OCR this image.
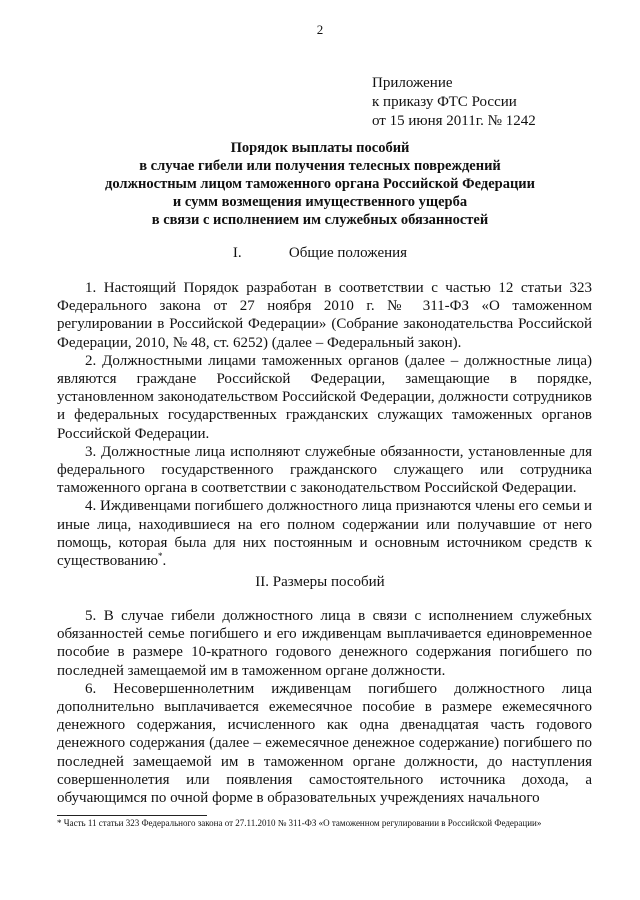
2
Приложение
к приказу ФТС России
от 15 июня 2011г. № 1242
Порядок выплаты пособий
в случае гибели или получения телесных повреждений
должностным лицом таможенного органа Российской Федерации
и сумм возмещения имущественного ущерба
в связи с исполнением им служебных обязанностей
I.	Общие положения

1. Настоящий Порядок разработан в соответствии с частью 12 статьи 323 Федерального закона от 27 ноября 2010 г. № 311-ФЗ «О таможенном регулировании в Российской Федерации» (Собрание законодательства Российской Федерации, 2010, № 48, ст. 6252) (далее – Федеральный закон).

2. Должностными лицами таможенных органов (далее – должностные лица) являются граждане Российской Федерации, замещающие в порядке, установленном законодательством Российской Федерации, должности сотрудников и федеральных государственных гражданских служащих таможенных органов Российской Федерации.

3. Должностные лица исполняют служебные обязанности, установленные для федерального государственного гражданского служащего или сотрудника таможенного органа в соответствии с законодательством Российской Федерации.

4. Иждивенцами погибшего должностного лица признаются члены его семьи и иные лица, находившиеся на его полном содержании или получавшие от него помощь, которая была для них постоянным и основным источником средств к существованию*.

II. Размеры пособий

5. В случае гибели должностного лица в связи с исполнением служебных обязанностей семье погибшего и его иждивенцам выплачивается единовременное пособие в размере 10-кратного годового денежного содержания погибшего по последней замещаемой им в таможенном органе должности.

6. Несовершеннолетним иждивенцам погибшего должностного лица дополнительно выплачивается ежемесячное пособие в размере ежемесячного денежного содержания, исчисленного как одна двенадцатая часть годового денежного содержания (далее – ежемесячное денежное содержание) погибшего по последней замещаемой им в таможенном органе должности, до наступления совершеннолетия или появления самостоятельного источника дохода, а обучающимся по очной форме в образовательных учреждениях начального

* Часть 11 статьи 323 Федерального закона от 27.11.2010 № 311-ФЗ «О таможенном регулировании в Российской Федерации»
